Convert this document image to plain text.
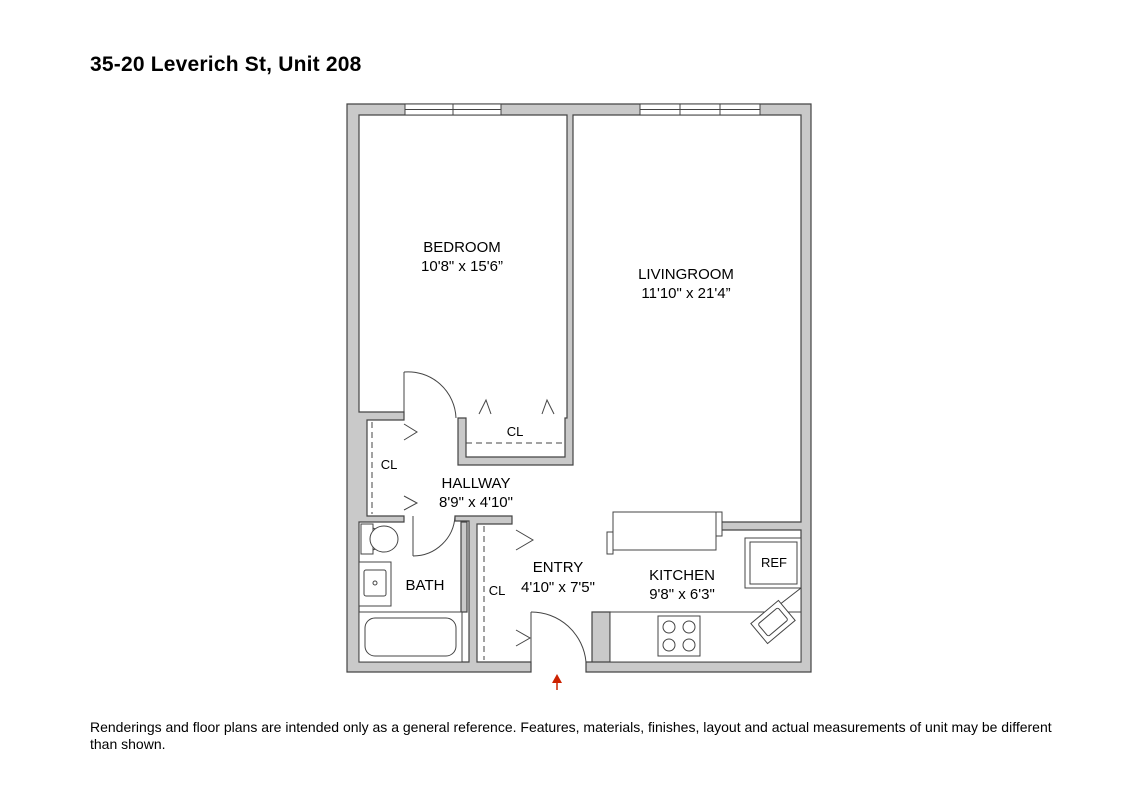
35-20 Leverich St, Unit 208
BEDROOM
10'8" x 15'6”	LIVINGROOM
11'10" x 21'4”
HALLWAY
8'9" x 4'10"
ENTRY
4'10" x 7'5"
KITCHEN
9'8" x 6'3"
BATH
CL
CL
CL
REF
Renderings and floor plans are intended only as a general reference. Features, materials, finishes, layout and actual measurements of unit may be different than shown.
